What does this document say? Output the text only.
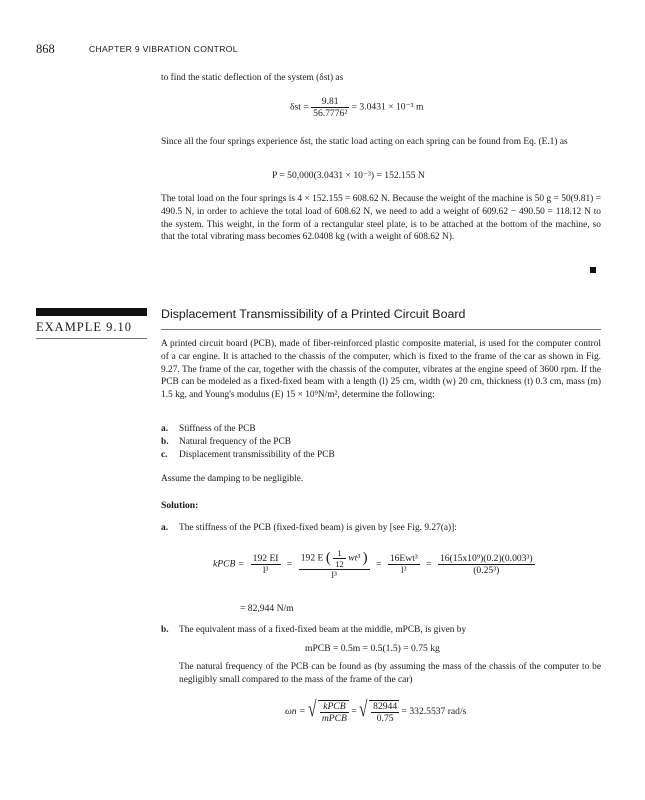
868	CHAPTER 9 VIBRATION CONTROL
to find the static deflection of the system (δst) as
$\delta st = \frac{9.81}{\text{56.7776²}} = 3.0431 \times 10^{-3}$ m
Since all the four springs experience δst, the static load acting on each spring can be found from Eq. (E.1) as
P = 50,000(3.0431 × 10⁻³) = 152.155 N
The total load on the four springs is 4 × 152.155 = 608.62 N. Because the weight of the machine is 50 g = 50(9.81) = 490.5 N, in order to achieve the total load of 608.62 N, we need to add a weight of 609.62 − 490.50 = 118.12 N to the system. This weight, in the form of a rectangular steel plate, is to be attached at the bottom of the machine, so that the total vibrating mass becomes 62.0408 kg (with a weight of 608.62 N).
EXAMPLE 9.10
Displacement Transmissibility of a Printed Circuit Board
A printed circuit board (PCB), made of fiber-reinforced plastic composite material, is used for the computer control of a car engine. It is attached to the chassis of the computer, which is fixed to the frame of the car as shown in Fig. 9.27. The frame of the car, together with the chassis of the computer, vibrates at the engine speed of 3600 rpm. If the PCB can be modeled as a fixed-fixed beam with a length (l) 25 cm, width (w) 20 cm, thickness (t) 0.3 cm, mass (m) 1.5 kg, and Young's modulus (E) 15 × 10⁹N/m², determine the following:
a. Stiffness of the PCB
b. Natural frequency of the PCB
c. Displacement transmissibility of the PCB
Assume the damping to be negligible.
Solution:
a. The stiffness of the PCB (fixed-fixed beam) is given by [see Fig. 9.27(a)]:
kPCB = $\frac{192 EI}{\text{l³}}$ =
192 E ( $\frac{1}{12} wt^3$ )
l³
= $\frac{\text{16Ewt³}}{\text{l³}} = \frac{\text{16(15x10⁹)(0.2)(0.003³)}}{\text{(0.25³)}}$
= 82,944 N/m
b. The equivalent mass of a fixed-fixed beam at the middle, mPCB, is given by
mPCB = 0.5m = 0.5(1.5) = 0.75 kg
The natural frequency of the PCB can be found as (by assuming the mass of the chassis of the computer to be negligibly small compared to the mass of the frame of the car)
ωn = √ $\frac{\text{kPCB}}{\text{mPCB}}$ = √ $\frac{82944}{0.75} = 332.5537$ rad/s
